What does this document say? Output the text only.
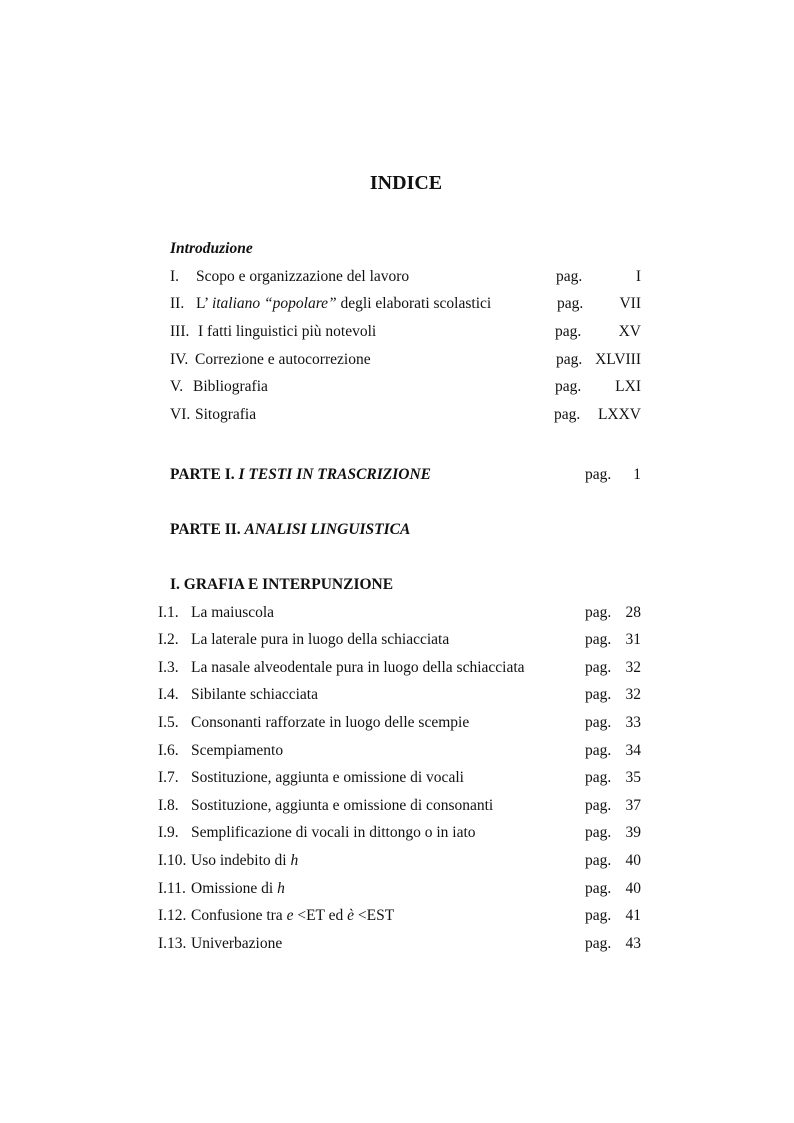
INDICE
Introduzione
I. Scopo e organizzazione del lavoro	pag.	I
II. L’ italiano “popolare” degli elaborati scolastici	pag. VII
III. I fatti linguistici più notevoli	pag. XV
IV. Correzione e autocorrezione	pag. XLVIII
V. Bibliografia	pag. LXI
VI. Sitografia	pag. LXXV
PARTE I. I TESTI IN TRASCRIZIONE	pag. 1
PARTE II. ANALISI LINGUISTICA
I. GRAFIA E INTERPUNZIONE
I.1. La maiuscola	pag. 28
I.2. La laterale pura in luogo della schiacciata	pag. 31
I.3. La nasale alveodentale pura in luogo della schiacciata	pag. 32
I.4. Sibilante schiacciata	pag. 32
I.5. Consonanti rafforzate in luogo delle scempie	pag. 33
I.6. Scempiamento	pag. 34
I.7. Sostituzione, aggiunta e omissione di vocali	pag. 35
I.8. Sostituzione, aggiunta e omissione di consonanti	pag. 37
I.9. Semplificazione di vocali in dittongo o in iato	pag. 39
I.10. Uso indebito di h	pag. 40
I.11. Omissione di h	pag. 40
I.12. Confusione tra e <ET ed è <EST	pag. 41
I.13. Univerbazione	pag. 43
